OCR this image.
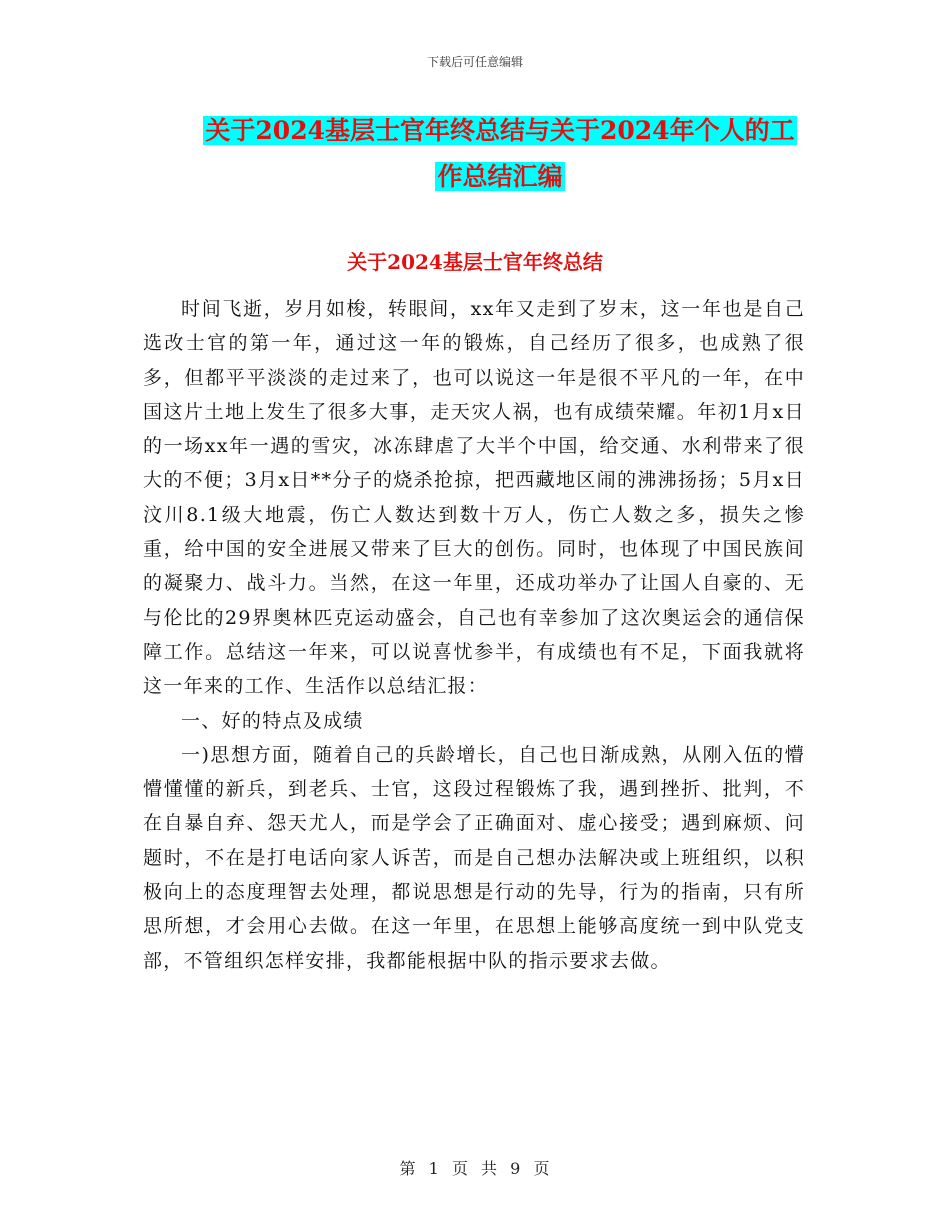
下载后可任意编辑
关于2024基层士官年终总结与关于2024年个人的工
作总结汇编
关于2024基层士官年终总结

时间飞逝，岁月如梭，转眼间，xx年又走到了岁末，这一年也是自己选改士官的第一年，通过这一年的锻炼，自己经历了很多，也成熟了很多，但都平平淡淡的走过来了，也可以说这一年是很不平凡的一年，在中国这片土地上发生了很多大事，走天灾人祸，也有成绩荣耀。年初1月x日的一场xx年一遇的雪灾，冰冻肆虐了大半个中国，给交通、水利带来了很大的不便；3月x日**分子的烧杀抢掠，把西藏地区闹的沸沸扬扬；5月x日汶川8.1级大地震，伤亡人数达到数十万人，伤亡人数之多，损失之惨重，给中国的安全进展又带来了巨大的创伤。同时，也体现了中国民族间的凝聚力、战斗力。当然，在这一年里，还成功举办了让国人自豪的、无与伦比的29界奥林匹克运动盛会，自己也有幸参加了这次奥运会的通信保障工作。总结这一年来，可以说喜忧参半，有成绩也有不足，下面我就将这一年来的工作、生活作以总结汇报：

一、好的特点及成绩

一)思想方面，随着自己的兵龄增长，自己也日渐成熟，从刚入伍的懵懵懂懂的新兵，到老兵、士官，这段过程锻炼了我，遇到挫折、批判，不在自暴自弃、怨天尤人，而是学会了正确面对、虚心接受；遇到麻烦、问题时，不在是打电话向家人诉苦，而是自己想办法解决或上班组织，以积极向上的态度理智去处理，都说思想是行动的先导，行为的指南，只有所思所想，才会用心去做。在这一年里，在思想上能够高度统一到中队党支部，不管组织怎样安排，我都能根据中队的指示要求去做。

第 1 页 共 9 页
